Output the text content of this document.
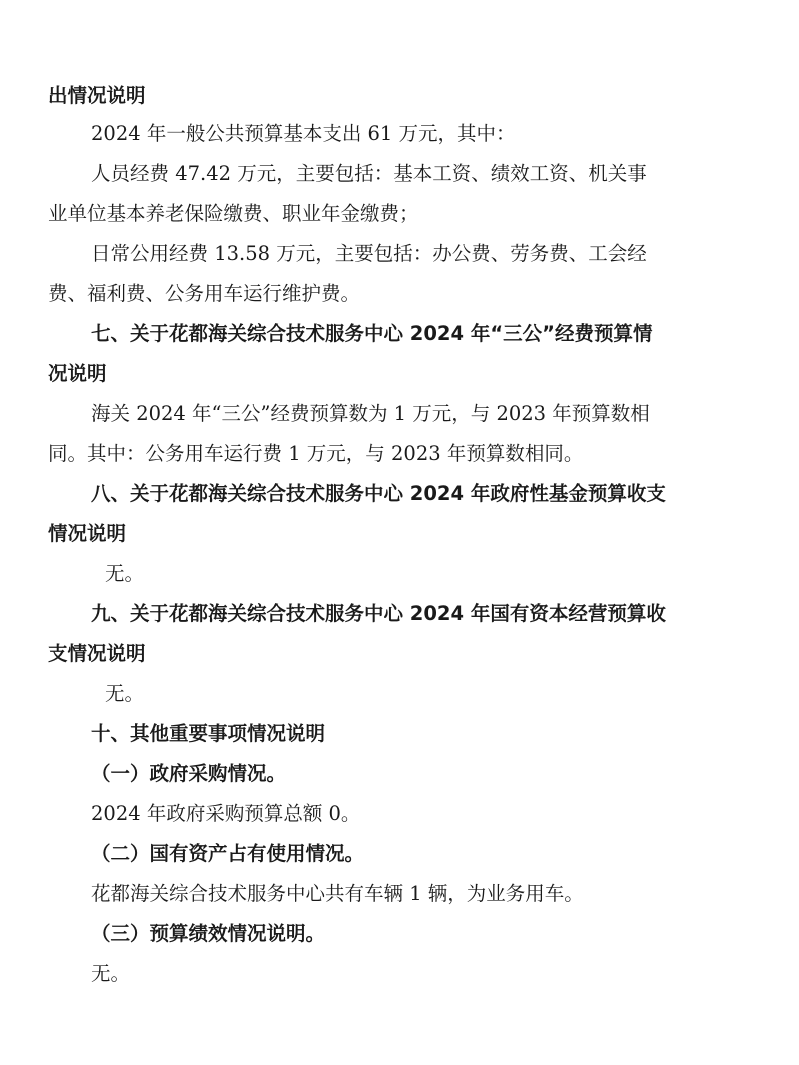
出情况说明
2024 年一般公共预算基本支出 61 万元，其中：
人员经费 47.42 万元，主要包括：基本工资、绩效工资、机关事
业单位基本养老保险缴费、职业年金缴费；
日常公用经费 13.58 万元，主要包括：办公费、劳务费、工会经
费、福利费、公务用车运行维护费。
七、关于花都海关综合技术服务中心 2024 年“三公”经费预算情
况说明
海关 2024 年“三公”经费预算数为 1 万元，与 2023 年预算数相
同。其中：公务用车运行费 1 万元，与 2023 年预算数相同。
八、关于花都海关综合技术服务中心 2024 年政府性基金预算收支
情况说明
无。
九、关于花都海关综合技术服务中心 2024 年国有资本经营预算收
支情况说明
无。
十、其他重要事项情况说明
（一）政府采购情况。
2024 年政府采购预算总额 0。
（二）国有资产占有使用情况。
花都海关综合技术服务中心共有车辆 1 辆，为业务用车。
（三）预算绩效情况说明。
无。
